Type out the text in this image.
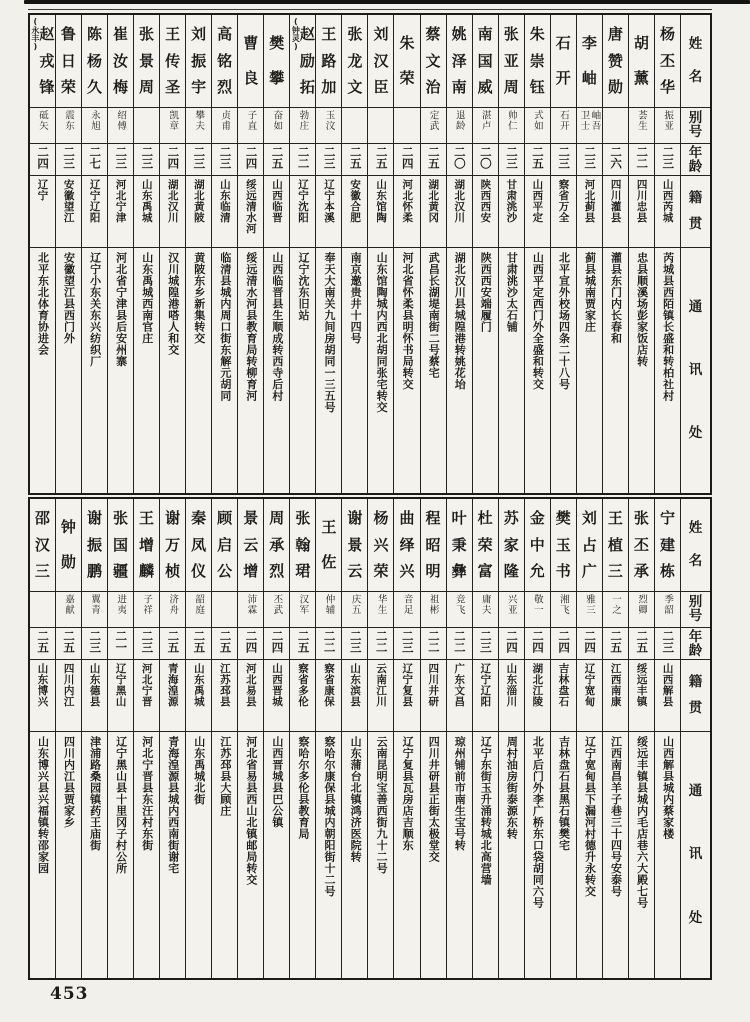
杨
丕
华
振亚
二三
山西芮城
芮城县西陌镇长盛和转柏社村
胡
薰
荟生
二二
四川忠县
忠县顺溪场彭家饭店转
唐
赞
勋
二六
四川灌县
灌县东门内长春和
李
岫
岫吾卫士
二三
河北蓟县
蓟县城南贾家庄
石
开
石开
二三
察省万全
北平宣外校场四条二十八号
朱
崇
钰
式如
二五
山西平定
山西平定西门外全盛和转交
张
亚
周
帅仁
二三
甘肃洮沙
甘肃洮沙太石铺
南
国
威
湛卢
二〇
陕西西安
陕西西安端履门
姚
泽
南
退龄
二〇
湖北汉川
湖北汉川县城隍港转姚花坮
蔡
文
治
定武
二五
湖北黄冈
武昌长湖堤南街二号蔡宅
朱
荣
二四
河北怀柔
河北省怀柔县明怀书局转交
刘
汉
臣
二五
山东馆陶
山东馆陶城内西北胡同张宅转交
张
龙
文
二五
安徽合肥
南京邀贵井十四号
王
路
加
玉汶
二三
辽宁本溪
奉天大南关九间房胡同一三五号
赵
励
拓
(钟灵)
勃庄
二二
辽宁沈阳
辽宁沈东旧站
樊
攀
奋如
二五
山西临晋
山西临晋县生顺成转西寺后村
曹
良
子直
二四
绥远清水河
绥远清水河县教育局转柳育河
高
铭
烈
贞甫
二三
山东临清
临清县城内周口街东解元胡同
刘
振
宇
攀夫
二三
湖北黄陂
黄陂东乡新集转交
王
传
圣
凯章
二四
湖北汉川
汉川城隍港嗒人和交
张
景
周
二三
山东禹城
山东禹城西南官庄
崔
汝
梅
绍傅
二三
河北宁津
河北省宁津县后安州寨
陈
杨
久
永旭
二七
辽宁辽阳
辽宁小东关东兴纺织厂
鲁
日
荣
震东
二三
安徽望江
安徽望江县西门外
赵
戎
锋
(永丰)
砥矢
二四
辽宁
北平东北体育协进会
姓
名
别
号
年
龄
籍
贯
通
讯
处
宁
建
栋
季韶
二三
山西解县
山西解县城内蔡家楼
张
丕
承
烈卿
二五
绥远丰镇
绥远丰镇县城内毛店巷六大殿七号
王
植
三
一之
二五
江西南康
江西南昌羊子巷三十四号安泰号
刘
占
广
雅三
二四
辽宁宽甸
辽宁宽甸县下漏河村德升永转交
樊
玉
书
湘飞
二四
吉林盘石
吉林盘石县黑石镇樊宅
金
中
允
敬一
二四
湖北江陵
北平后门外李广桥东口袋胡同六号
苏
家
隆
兴亚
二四
山东淄川
周村油房街泰源东转
杜
荣
富
庸夫
二三
辽宁辽阳
辽宁东街玉升涌转城北高营墙
叶
秉
彝
竞飞
二二
广东文昌
琼州铺前市南生宝号转
程
昭
明
祖彬
二二
四川井研
四川井研县正街太极堂交
曲
绎
兴
音足
二三
辽宁复县
辽宁复县瓦房店吉顺东
杨
兴
荣
华生
二二
云南江川
云南昆明宝善西街九十二号
谢
景
云
庆五
二三
山东滨县
山东蒲台北镇鸿济医院转
王
佐
仲辅
二二
察省康保
察哈尔康保县城内朝阳街十二号
张
翰
珺
汉军
二五
察省多伦
察哈尔多伦县教育局
周
承
烈
丕武
二四
山西晋城
山西晋城县巴公镇
景
云
增
沛霖
二四
河北易县
河北省易县西山北镇邮局转交
顾
启
公
二五
江苏邳县
江苏邳县大顾庄
秦
凤
仪
韶庭
二五
山东禹城
山东禹城北街
谢
万
桢
济舟
二五
青海湟源
青海湟源县城内西南街谢宅
王
增
麟
子祥
二三
河北宁晋
河北宁晋县东汪村东街
张
国
疆
进夷
二一
辽宁黑山
辽宁黑山县十里冈子村公所
谢
振
鹏
翼青
二三
山东德县
津浦路桑园镇药王庙街
钟
勋
嘉献
二五
四川内江
四川内江县贾家乡
邵
汉
三
二五
山东博兴
山东博兴县兴福镇转邵家园
姓
名
别
号
年
龄
籍
贯
通
讯
处
453
